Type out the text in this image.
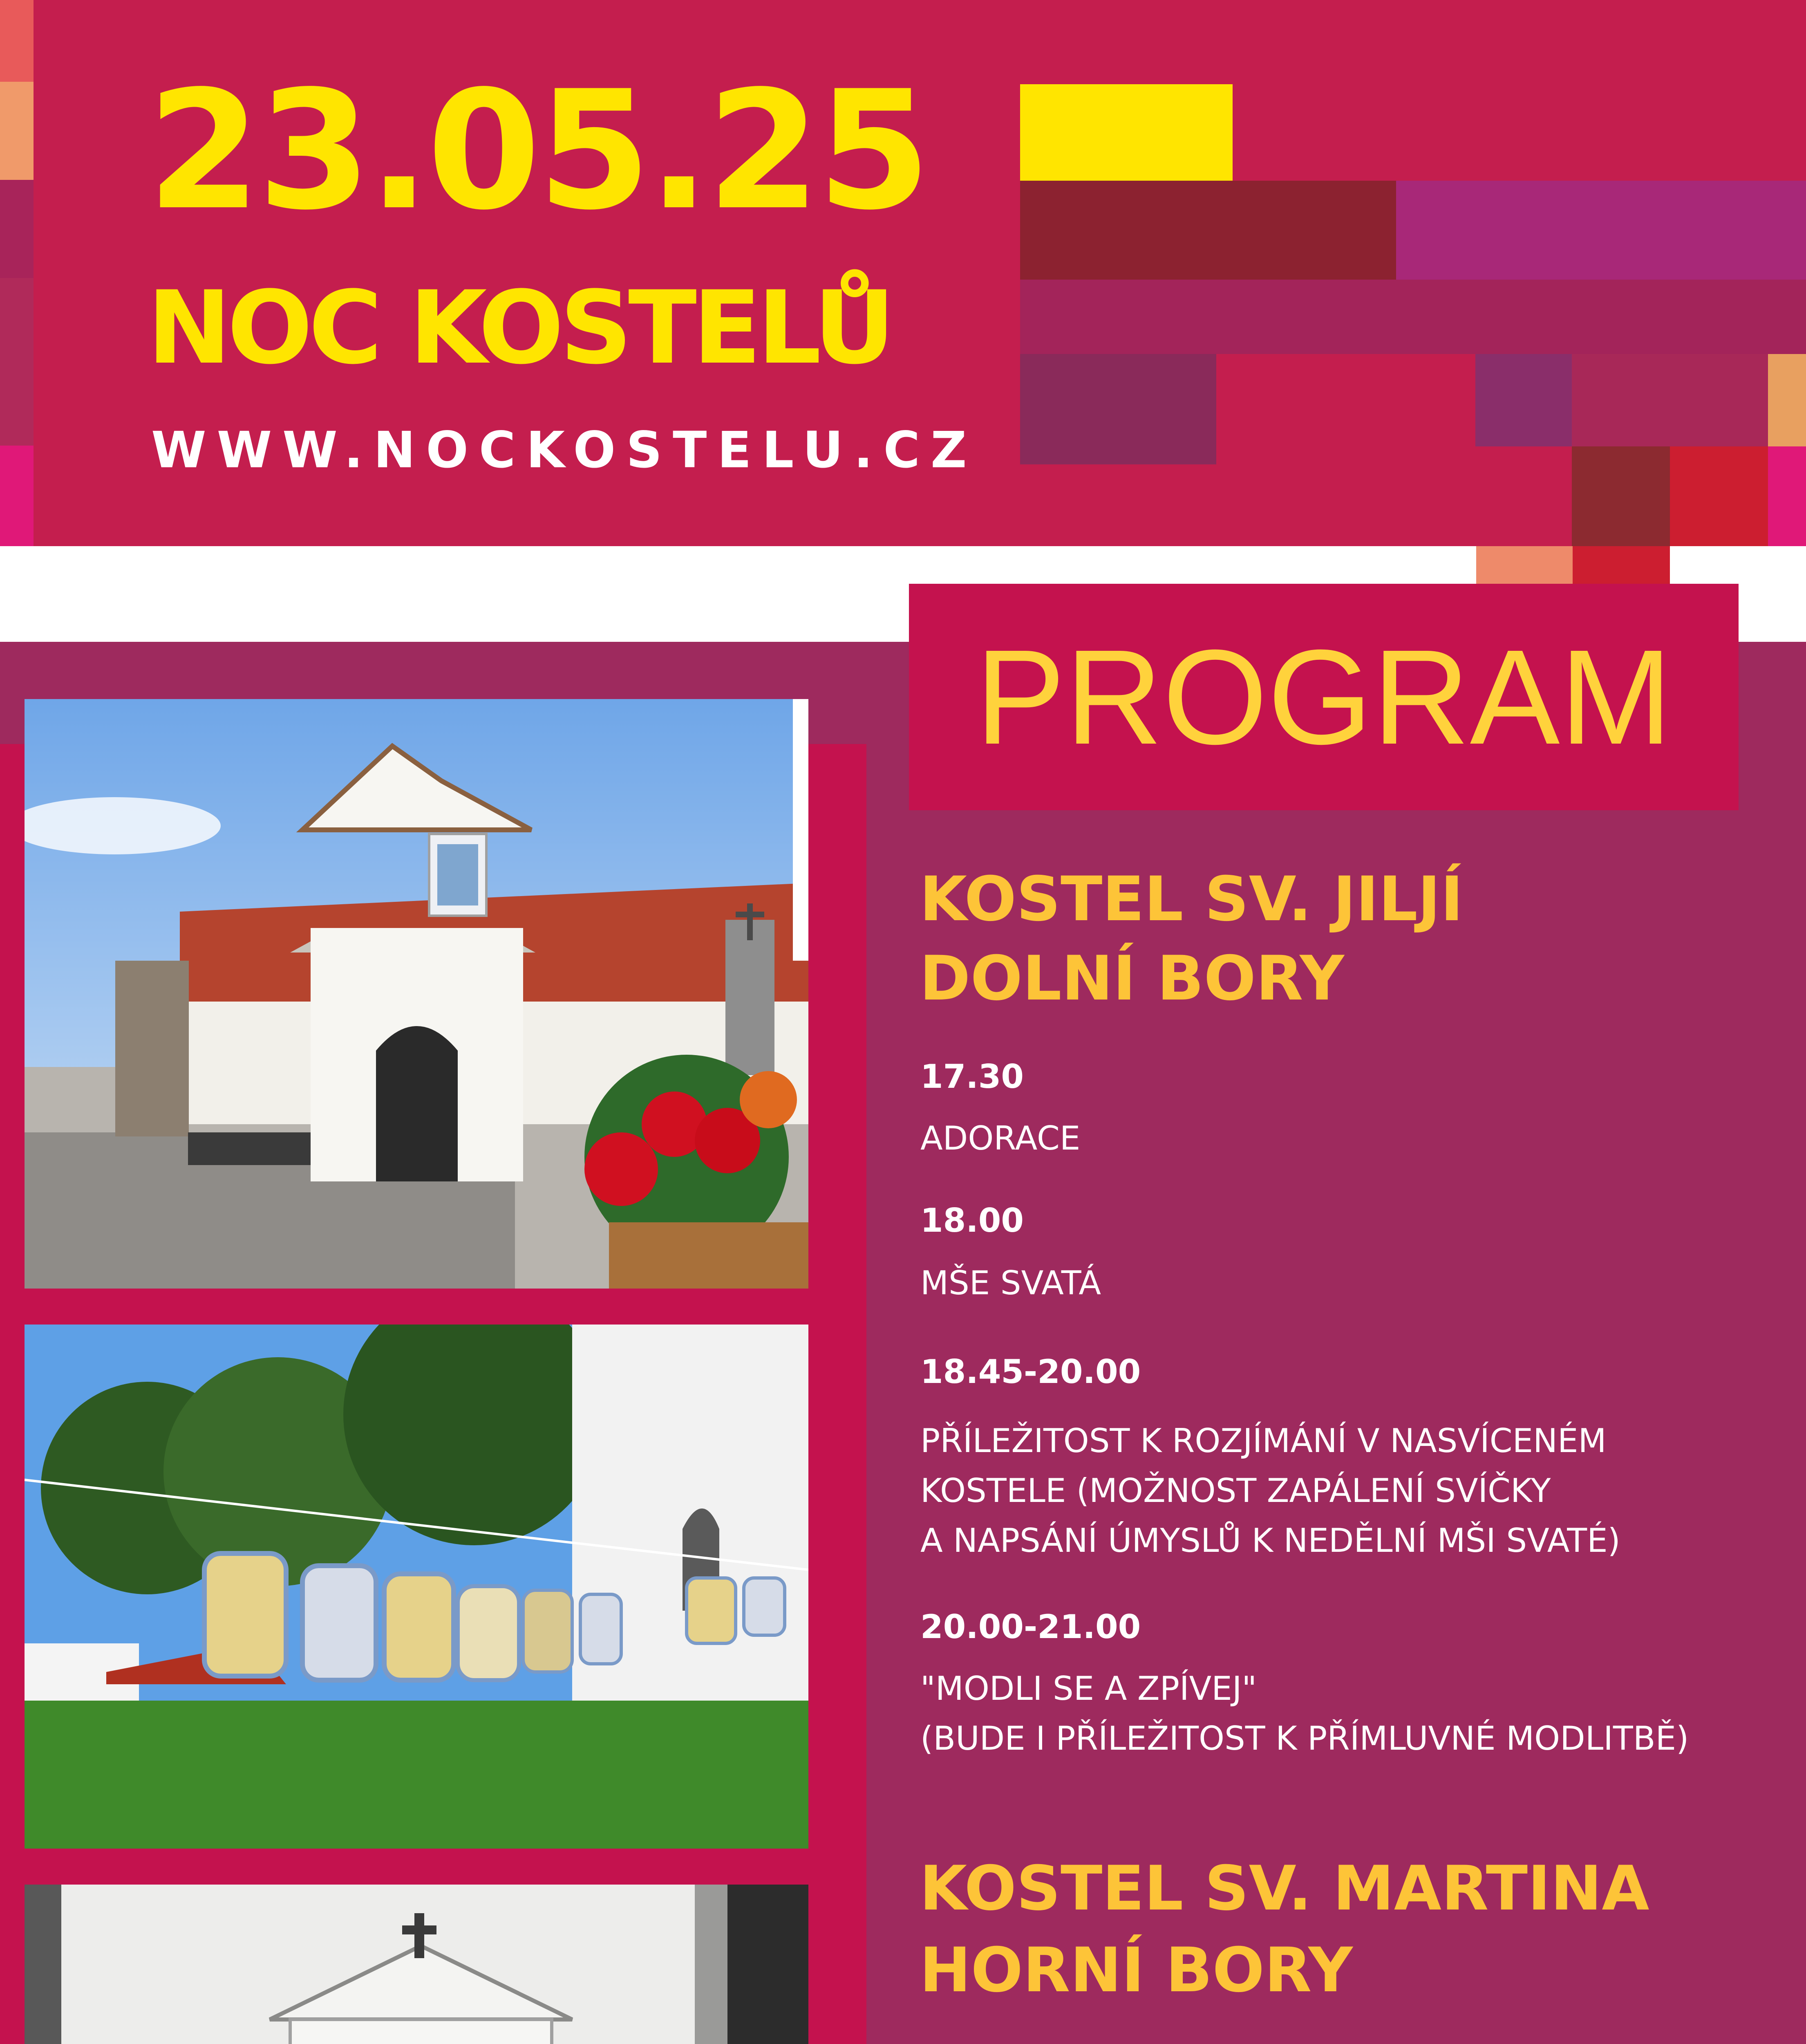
23.05.25
NOC KOSTELŮ
WWW.NOCKOSTELU.CZ
PROGRAM
KOSTEL SV. JILJÍ
DOLNÍ BORY
17.30
ADORACE
18.00
MŠE SVATÁ
18.45-20.00
PŘÍLEŽITOST K ROZJÍMÁNÍ V NASVÍCENÉM
KOSTELE (MOŽNOST ZAPÁLENÍ SVÍČKY
A NAPSÁNÍ ÚMYSLŮ K NEDĚLNÍ MŠI SVATÉ)
20.00-21.00
"MODLI SE A ZPÍVEJ"
(BUDE I PŘÍLEŽITOST K PŘÍMLUVNÉ MODLITBĚ)
KOSTEL SV. MARTINA
HORNÍ BORY
